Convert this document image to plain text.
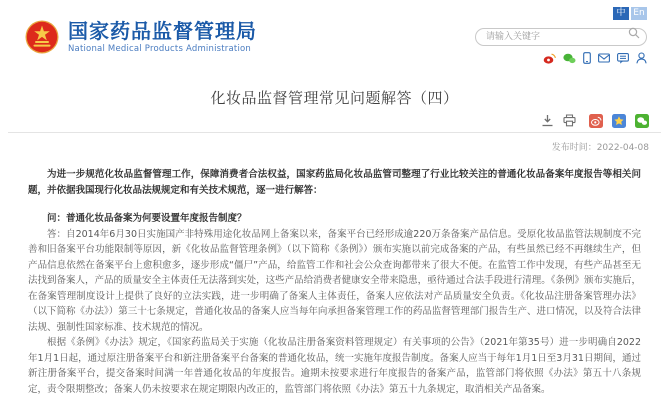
国家药品监督管理局
National Medical Products Administration
中 En
请输入关键字
化妆品监督管理常见问题解答（四）
发布时间：2022-04-08

为进一步规范化妆品监督管理工作，保障消费者合法权益，国家药监局化妆品监管司整理了行业比较关注的普通化妆品备案年度报告等相关问题，并依据我国现行化妆品法规规定和有关技术规范，逐一进行解答：

问：普通化妆品备案为何要设置年度报告制度？

答：自2014年6月30日实施国产非特殊用途化妆品网上备案以来，备案平台已经形成逾220万条备案产品信息。受原化妆品监管法规制度不完善和旧备案平台功能限制等原因，新《化妆品监督管理条例》（以下简称《条例》）颁布实施以前完成备案的产品，有些虽然已经不再继续生产，但产品信息依然在备案平台上愈积愈多，逐步形成“僵尸”产品，给监管工作和社会公众查询都带来了很大不便。在监管工作中发现，有些产品甚至无法找到备案人，产品的质量安全主体责任无法落到实处，这些产品给消费者健康安全带来隐患，亟待通过合法手段进行清理。《条例》颁布实施后，在备案管理制度设计上提供了良好的立法实践，进一步明确了备案人主体责任，备案人应依法对产品质量安全负责。《化妆品注册备案管理办法》（以下简称《办法》）第三十七条规定，普通化妆品的备案人应当每年向承担备案管理工作的药品监督管理部门报告生产、进口情况，以及符合法律法规、强制性国家标准、技术规范的情况。

根据《条例》《办法》规定，《国家药监局关于实施（化妆品注册备案资料管理规定）有关事项的公告》（2021年第35号）进一步明确自2022年1月1日起，通过原注册备案平台和新注册备案平台备案的普通化妆品，统一实施年度报告制度。备案人应当于每年1月1日至3月31日期间，通过新注册备案平台，提交备案时间满一年普通化妆品的年度报告。逾期未按要求进行年度报告的备案产品，监管部门将依照《办法》第五十八条规定，责令限期整改；备案人仍未按要求在规定期限内改正的，监管部门将依照《办法》第五十九条规定，取消相关产品备案。
